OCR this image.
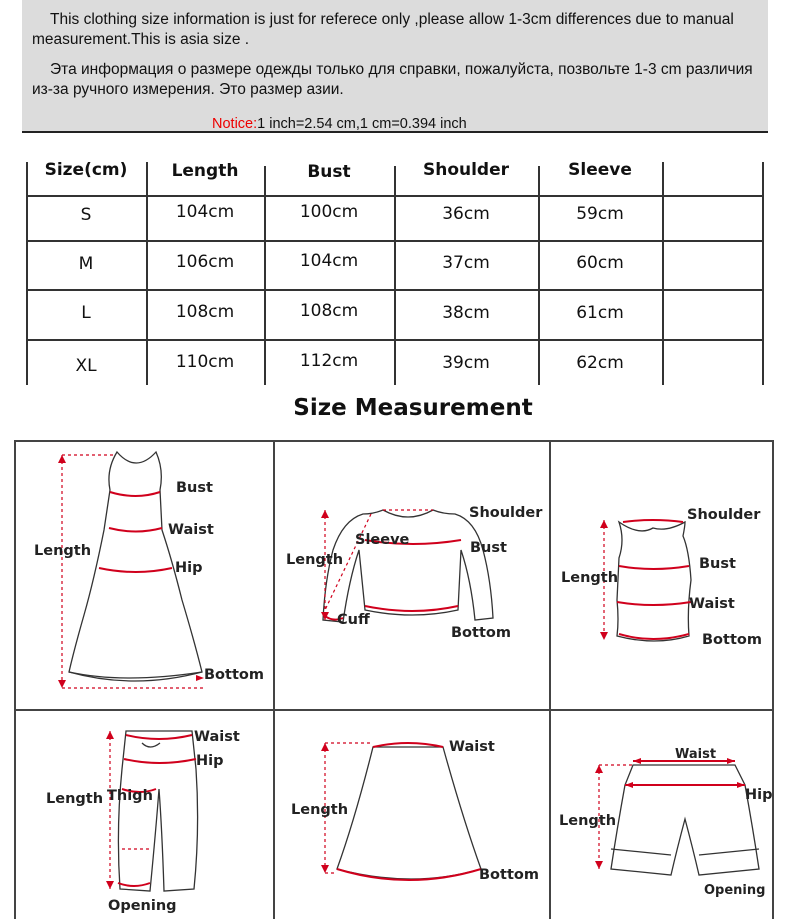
This clothing size information is just for referece only ,please allow 1-3cm differences due to manual measurement.This is asia size .
Эта информация о размере одежды только для справки, пожалуйста, позвольте 1-3 cm различия из-за ручного измерения. Это размер азии.
Notice:1 inch=2.54 cm,1 cm=0.394 inch
Size(cm)	Length	Bust	Shoulder	Sleeve
S	104cm	100cm	36cm	59cm
M	106cm	104cm	37cm	60cm
L	108cm	108cm	38cm	61cm
XL	110cm	112cm	39cm	62cm
Size Measurement
Bust
Waist
Length
Hip
Bottom
Shoulder
Sleeve	Bust
Length
Cuff
Bottom
Shoulder
Bust
Length
Waist
Bottom
Waist
Hip
Length Thigh
Opening
Waist
Length
Bottom
Waist
Hip
Length
Opening
